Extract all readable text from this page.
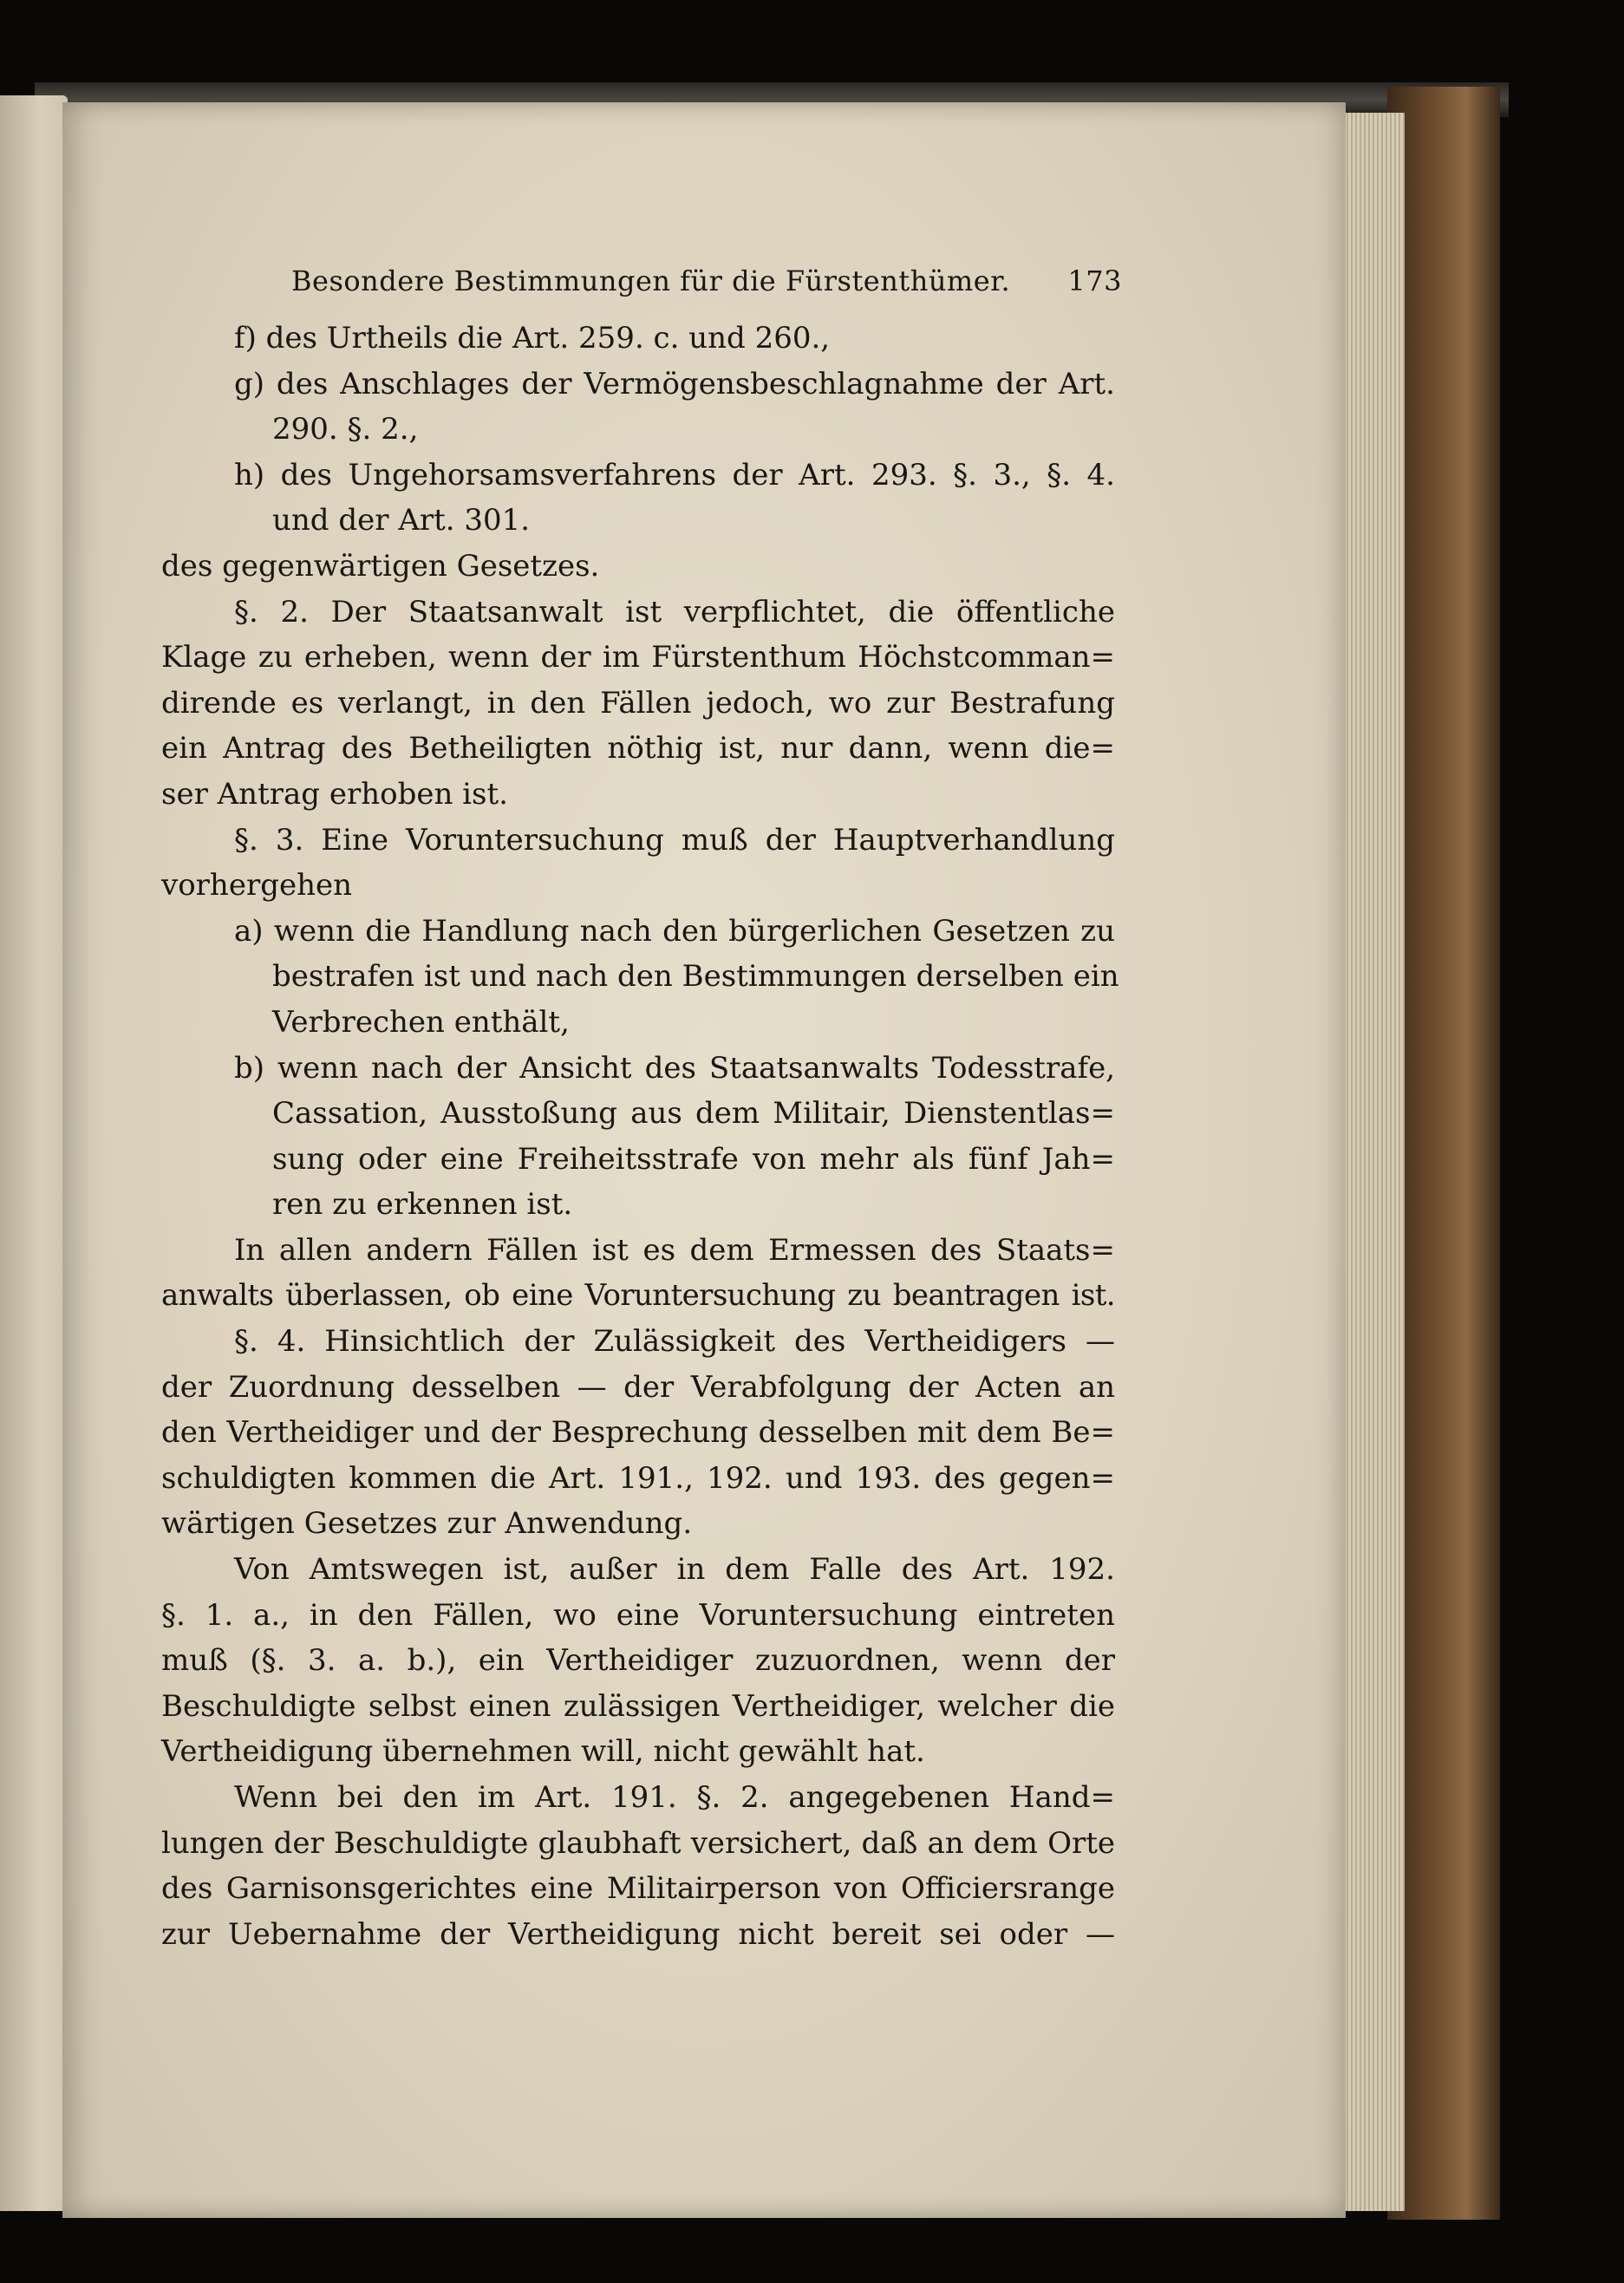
Besondere Bestimmungen für die Fürstenthümer. 173
f) des Urtheils die Art. 259. c. und 260.,
g) des Anschlages der Vermögensbeschlagnahme der Art.
290. §. 2.,
h) des Ungehorsamsverfahrens der Art. 293. §. 3., §. 4.
und der Art. 301.
des gegenwärtigen Gesetzes.
§. 2. Der Staatsanwalt ist verpflichtet, die öffentliche
Klage zu erheben, wenn der im Fürstenthum Höchstcomman=
dirende es verlangt, in den Fällen jedoch, wo zur Bestrafung
ein Antrag des Betheiligten nöthig ist, nur dann, wenn die=
ser Antrag erhoben ist.
§. 3. Eine Voruntersuchung muß der Hauptverhandlung
vorhergehen
a) wenn die Handlung nach den bürgerlichen Gesetzen zu
bestrafen ist und nach den Bestimmungen derselben ein
Verbrechen enthält,
b) wenn nach der Ansicht des Staatsanwalts Todesstrafe,
Cassation, Ausstoßung aus dem Militair, Dienstentlas=
sung oder eine Freiheitsstrafe von mehr als fünf Jah=
ren zu erkennen ist.
In allen andern Fällen ist es dem Ermessen des Staats=
anwalts überlassen, ob eine Voruntersuchung zu beantragen ist.
§. 4. Hinsichtlich der Zulässigkeit des Vertheidigers —
der Zuordnung desselben — der Verabfolgung der Acten an
den Vertheidiger und der Besprechung desselben mit dem Be=
schuldigten kommen die Art. 191., 192. und 193. des gegen=
wärtigen Gesetzes zur Anwendung.
Von Amtswegen ist, außer in dem Falle des Art. 192.
§. 1. a., in den Fällen, wo eine Voruntersuchung eintreten
muß (§. 3. a. b.), ein Vertheidiger zuzuordnen, wenn der
Beschuldigte selbst einen zulässigen Vertheidiger, welcher die
Vertheidigung übernehmen will, nicht gewählt hat.
Wenn bei den im Art. 191. §. 2. angegebenen Hand=
lungen der Beschuldigte glaubhaft versichert, daß an dem Orte
des Garnisonsgerichtes eine Militairperson von Officiersrange
zur Uebernahme der Vertheidigung nicht bereit sei oder —
